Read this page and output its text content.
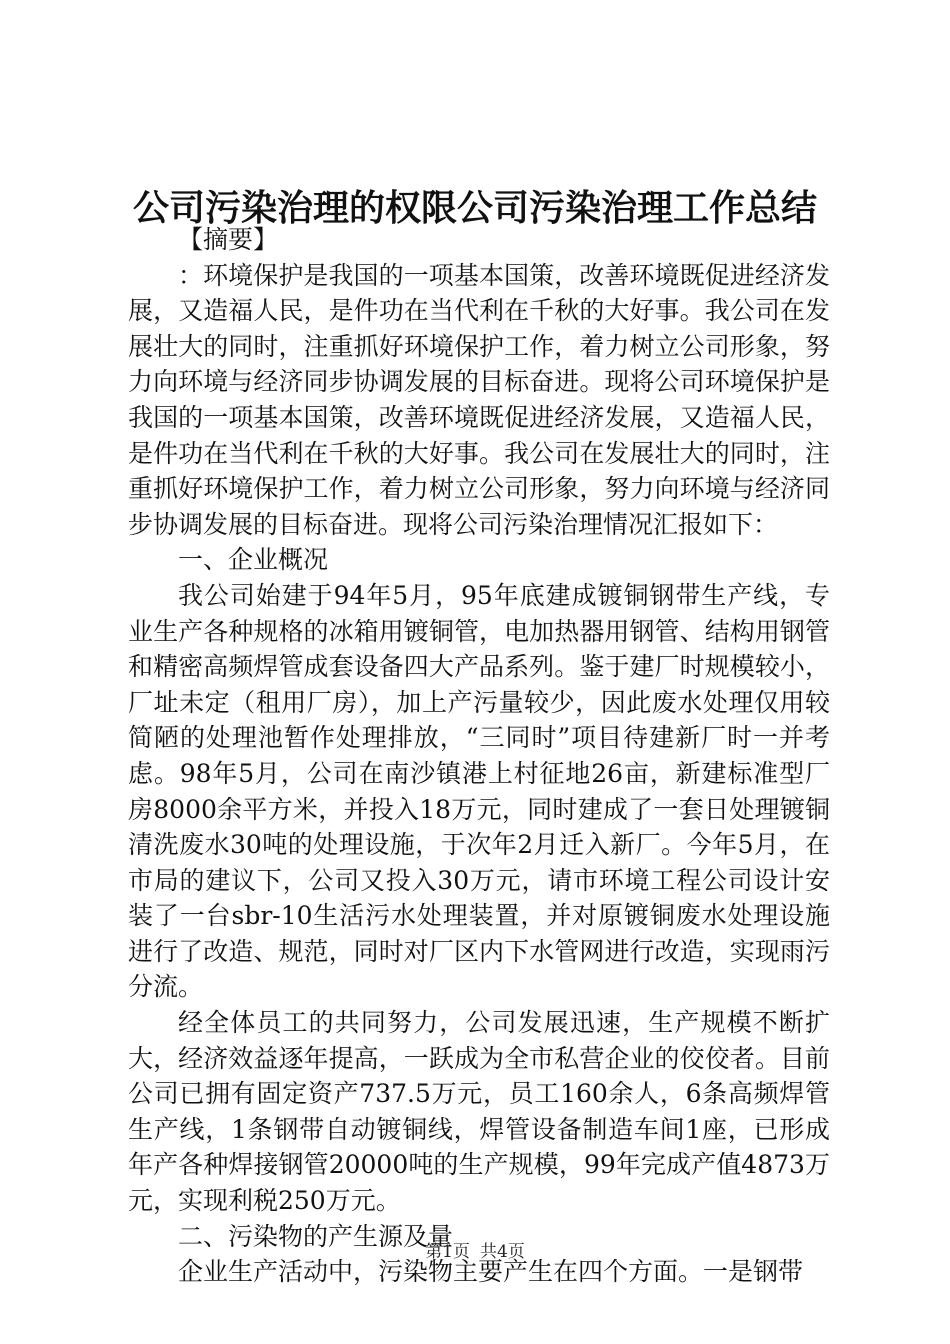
公司污染治理的权限公司污染治理工作总结

【摘要】

：环境保护是我国的一项基本国策，改善环境既促进经济发展，又造福人民，是件功在当代利在千秋的大好事。我公司在发展壮大的同时，注重抓好环境保护工作，着力树立公司形象，努力向环境与经济同步协调发展的目标奋进。现将公司环境保护是我国的一项基本国策，改善环境既促进经济发展，又造福人民，是件功在当代利在千秋的大好事。我公司在发展壮大的同时，注重抓好环境保护工作，着力树立公司形象，努力向环境与经济同步协调发展的目标奋进。现将公司污染治理情况汇报如下：

一、企业概况

我公司始建于94年5月，95年底建成镀铜钢带生产线，专业生产各种规格的冰箱用镀铜管，电加热器用钢管、结构用钢管和精密高频焊管成套设备四大产品系列。鉴于建厂时规模较小，厂址未定（租用厂房），加上产污量较少，因此废水处理仅用较简陋的处理池暂作处理排放，“三同时”项目待建新厂时一并考虑。98年5月，公司在南沙镇港上村征地26亩，新建标准型厂房8000余平方米，并投入18万元，同时建成了一套日处理镀铜清洗废水30吨的处理设施，于次年2月迁入新厂。今年5月，在市局的建议下，公司又投入30万元，请市环境工程公司设计安装了一台sbr-10生活污水处理装置，并对原镀铜废水处理设施进行了改造、规范，同时对厂区内下水管网进行改造，实现雨污分流。

经全体员工的共同努力，公司发展迅速，生产规模不断扩大，经济效益逐年提高，一跃成为全市私营企业的佼佼者。目前公司已拥有固定资产737.5万元，员工160余人，6条高频焊管生产线，1条钢带自动镀铜线，焊管设备制造车间1座，已形成年产各种焊接钢管20000吨的生产规模，99年完成产值4873万元，实现利税250万元。

二、污染物的产生源及量

企业生产活动中，污染物主要产生在四个方面。一是钢带

第1页 共4页
